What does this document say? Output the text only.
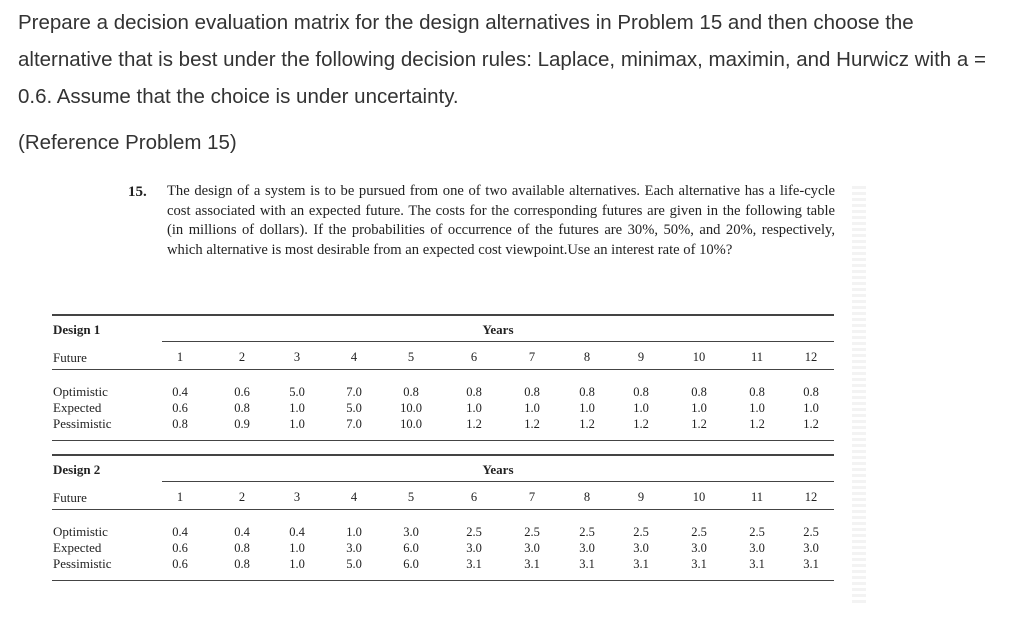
Prepare a decision evaluation matrix for the design alternatives in Problem 15 and then choose the alternative that is best under the following decision rules: Laplace, minimax, maximin, and Hurwicz with a = 0.6. Assume that the choice is under uncertainty.

(Reference Problem 15)

15. The design of a system is to be pursued from one of two available alternatives. Each alternative has a life-cycle cost associated with an expected future. The costs for the corresponding futures are given in the following table (in millions of dollars). If the probabilities of occurrence of the futures are 30%, 50%, and 20%, respectively, which alternative is most desirable from an expected cost viewpoint.Use an interest rate of 10%?

Design 1	Years
Future	1	2	3	4	5	6	7	8	9	10	11	12
Optimistic	0.4	0.6	5.0	7.0	0.8	0.8	0.8	0.8	0.8	0.8	0.8	0.8
Expected	0.6	0.8	1.0	5.0	10.0	1.0	1.0	1.0	1.0	1.0	1.0	1.0
Pessimistic	0.8	0.9	1.0	7.0	10.0	1.2	1.2	1.2	1.2	1.2	1.2	1.2
Design 2	Years
Future	1	2	3	4	5	6	7	8	9	10	11	12
Optimistic	0.4	0.4	0.4	1.0	3.0	2.5	2.5	2.5	2.5	2.5	2.5	2.5
Expected	0.6	0.8	1.0	3.0	6.0	3.0	3.0	3.0	3.0	3.0	3.0	3.0
Pessimistic	0.6	0.8	1.0	5.0	6.0	3.1	3.1	3.1	3.1	3.1	3.1	3.1
